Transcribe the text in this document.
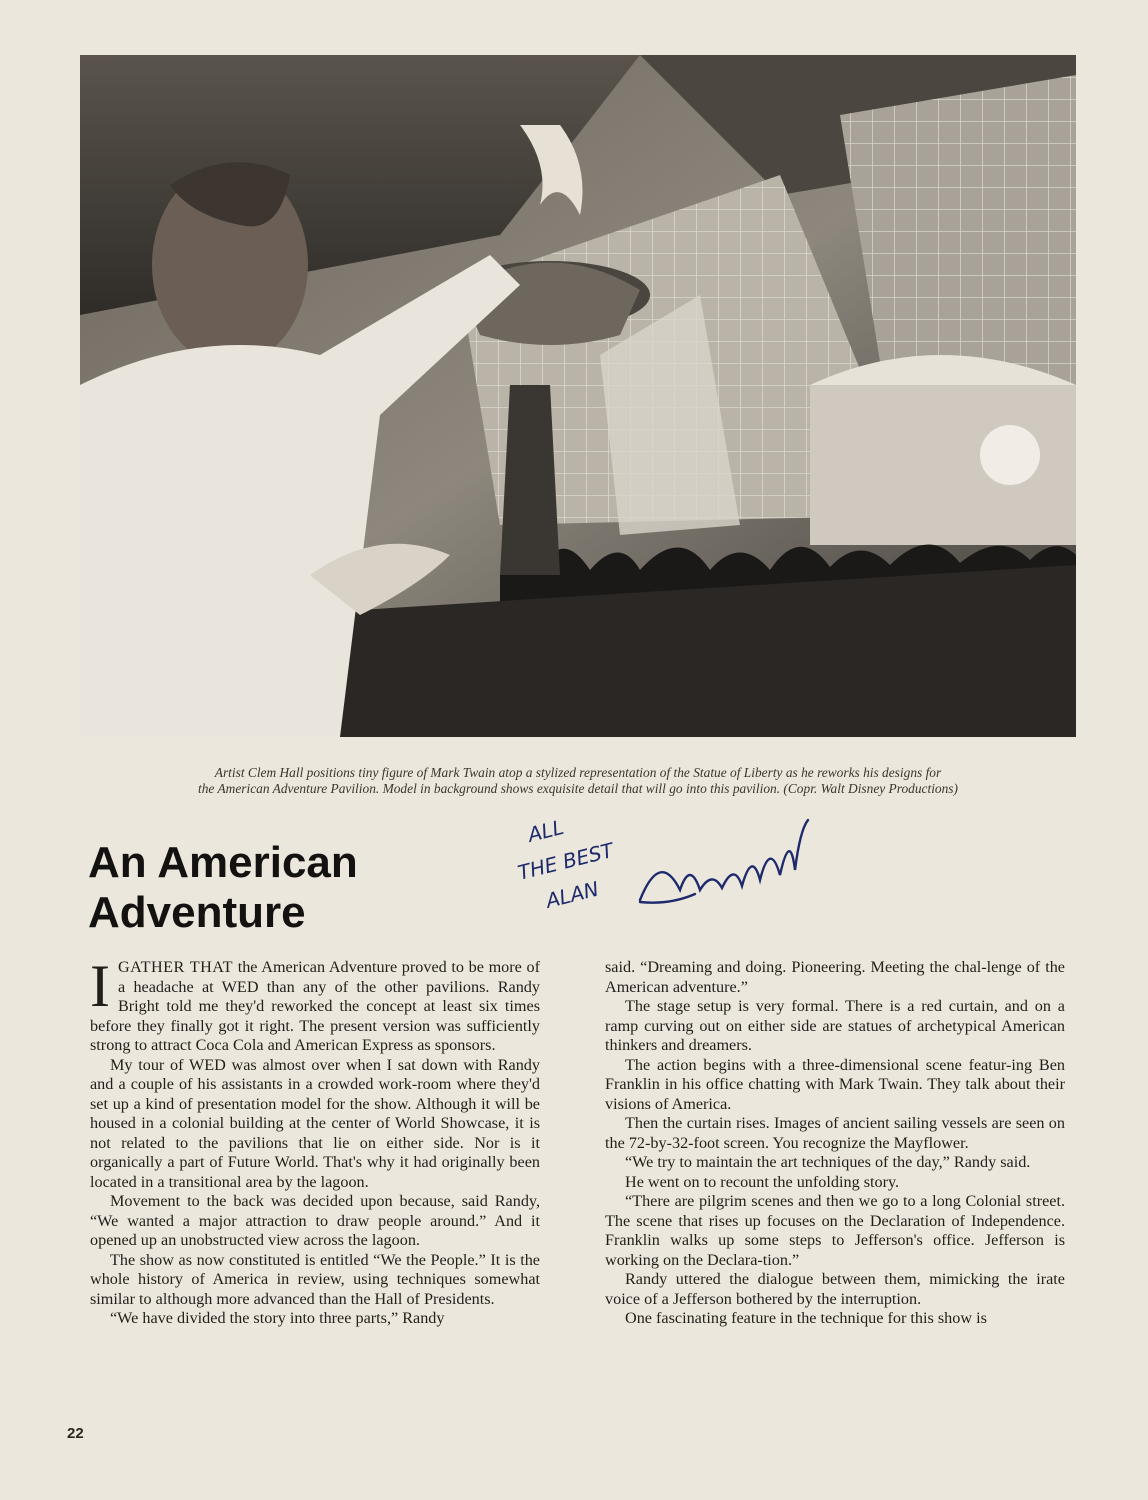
Artist Clem Hall positions tiny figure of Mark Twain atop a stylized representation of the Statue of Liberty as he reworks his designs for

the American Adventure Pavilion. Model in background shows exquisite detail that will go into this pavilion. (Copr. Walt Disney Productions)

An American
Adventure
ALL
THE BEST
ALAN

IGATHER THAT the American Adventure proved to be more of a headache at WED than any of the other pavilions. Randy Bright told me they'd reworked the concept at least six times before they finally got it right. The present version was sufficiently strong to attract Coca Cola and American Express as sponsors.

My tour of WED was almost over when I sat down with Randy and a couple of his assistants in a crowded work-room where they'd set up a kind of presentation model for the show. Although it will be housed in a colonial building at the center of World Showcase, it is not related to the pavilions that lie on either side. Nor is it organically a part of Future World. That's why it had originally been located in a transitional area by the lagoon.

Movement to the back was decided upon because, said Randy, “We wanted a major attraction to draw people around.” And it opened up an unobstructed view across the lagoon.

The show as now constituted is entitled “We the People.” It is the whole history of America in review, using techniques somewhat similar to although more advanced than the Hall of Presidents.

“We have divided the story into three parts,” Randy

said. “Dreaming and doing. Pioneering. Meeting the chal-lenge of the American adventure.”

The stage setup is very formal. There is a red curtain, and on a ramp curving out on either side are statues of archetypical American thinkers and dreamers.

The action begins with a three-dimensional scene featur-ing Ben Franklin in his office chatting with Mark Twain. They talk about their visions of America.

Then the curtain rises. Images of ancient sailing vessels are seen on the 72-by-32-foot screen. You recognize the Mayflower.

“We try to maintain the art techniques of the day,” Randy said.

He went on to recount the unfolding story.

“There are pilgrim scenes and then we go to a long Colonial street. The scene that rises up focuses on the Declaration of Independence. Franklin walks up some steps to Jefferson's office. Jefferson is working on the Declara-tion.”

Randy uttered the dialogue between them, mimicking the irate voice of a Jefferson bothered by the interruption.

One fascinating feature in the technique for this show is

22
